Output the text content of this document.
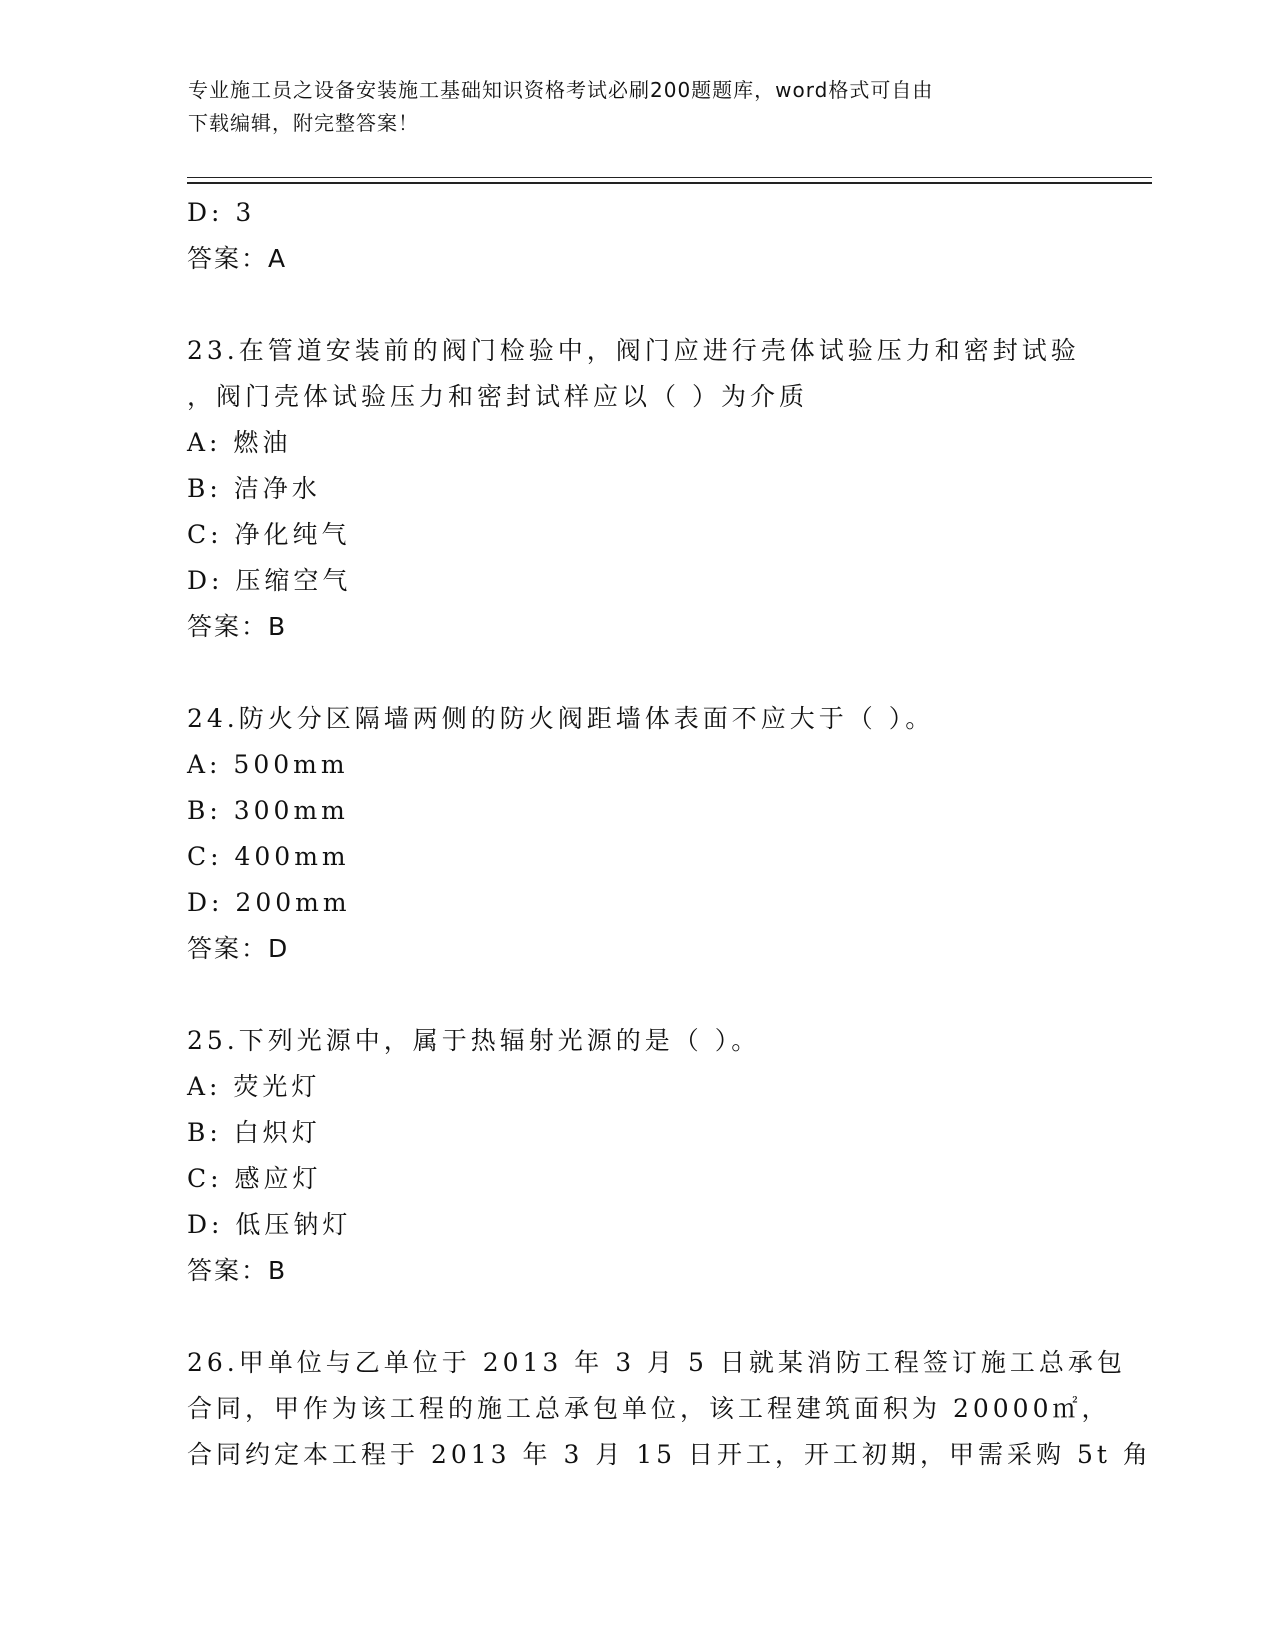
专业施工员之设备安装施工基础知识资格考试必刷200题题库，word格式可自由
下载编辑，附完整答案！
D: 3
答案：A
23.在管道安装前的阀门检验中，阀门应进行壳体试验压力和密封试验
，阀门壳体试验压力和密封试样应以（ ）为介质
A: 燃油
B: 洁净水
C: 净化纯气
D: 压缩空气
答案：B
24.防火分区隔墙两侧的防火阀距墙体表面不应大于（ ）。
A: 500mm
B: 300mm
C: 400mm
D: 200mm
答案：D
25.下列光源中，属于热辐射光源的是（ ）。
A: 荧光灯
B: 白炽灯
C: 感应灯
D: 低压钠灯
答案：B
26.甲单位与乙单位于 2013 年 3 月 5 日就某消防工程签订施工总承包
合同，甲作为该工程的施工总承包单位，该工程建筑面积为 20000㎡，
合同约定本工程于 2013 年 3 月 15 日开工，开工初期，甲需采购 5t 角
